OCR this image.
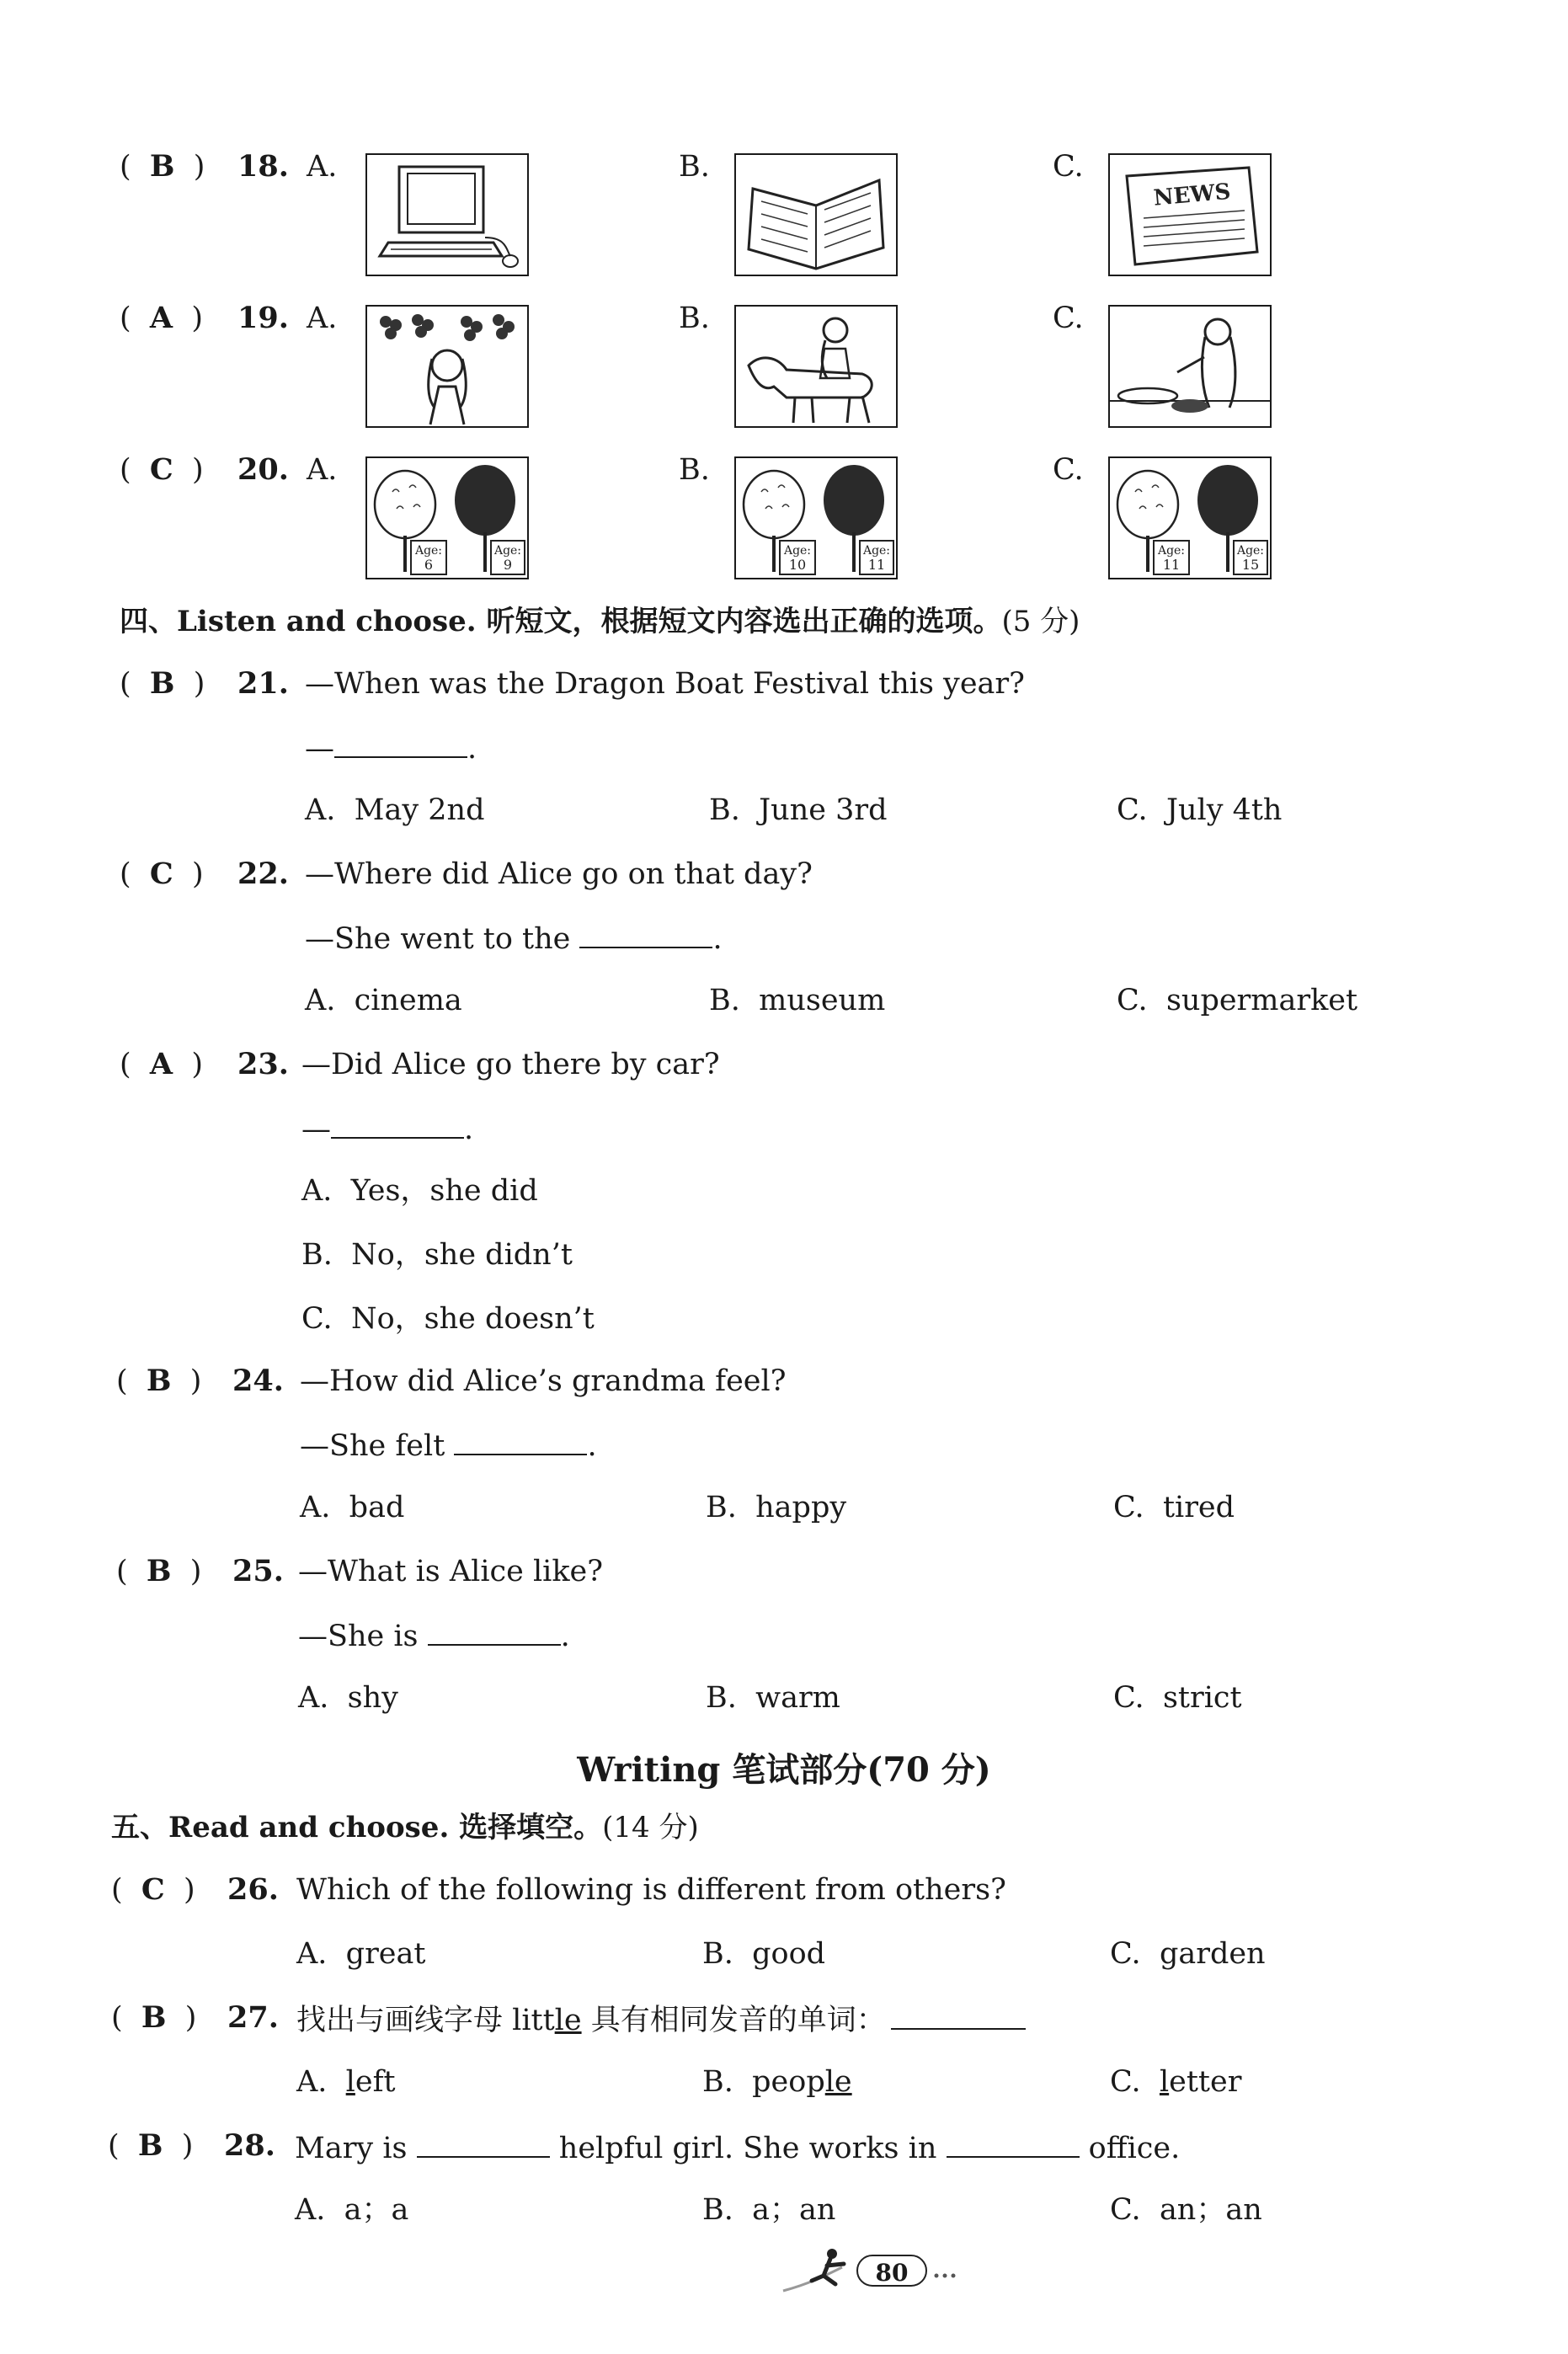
( B ) 18. A.	B.	C.
NEWS
( A ) 19. A.	B.	C.
( C ) 20. A.	B.	C.
Age:
6
Age:
9
Age:
10
Age:
11
Age:
11
Age:
15
四、Listen and choose. 听短文，根据短文内容选出正确的选项。(5 分)
( B ) 21. —When was the Dragon Boat Festival this year?
—	.
A. May 2nd	B. June 3rd	C. July 4th
( C ) 22. —Where did Alice go on that day?
—She went to the	.
A. cinema	B. museum	C. supermarket
( A ) 23. —Did Alice go there by car?
—	.
A. Yes，she did
B. No，she didn’t
C. No，she doesn’t
( B ) 24. —How did Alice’s grandma feel?
—She felt	.
A. bad	B. happy	C. tired
( B ) 25. —What is Alice like?
—She is	.
A. shy	B. warm	C. strict
Writing 笔试部分(70 分)
五、Read and choose. 选择填空。(14 分)
( C ) 26. Which of the following is different from others?
A. great	B. good	C. garden
( B ) 27. 找出与画线字母 little 具有相同发音的单词：
A. left	B. people	C. letter
( B ) 28. Mary is	helpful girl. She works in	office.
A. a；a	B. a；an	C. an；an
80
